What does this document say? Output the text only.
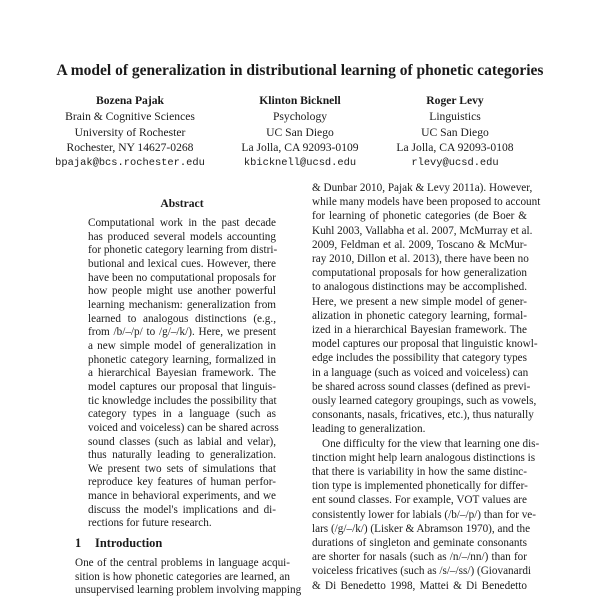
A model of generalization in distributional learning of phonetic categories
Bozena Pajak
Brain & Cognitive Sciences
University of Rochester
Rochester, NY 14627-0268
bpajak@bcs.rochester.edu
Klinton Bicknell
Psychology
UC San Diego
La Jolla, CA 92093-0109
kbicknell@ucsd.edu
Roger Levy
Linguistics
UC San Diego
La Jolla, CA 92093-0108
rlevy@ucsd.edu
Abstract
Computational work in the past decade
has produced several models accounting
for phonetic category learning from distri-
butional and lexical cues. However, there
have been no computational proposals for
how people might use another powerful
learning mechanism: generalization from
learned to analogous distinctions (e.g.,
from /b/–/p/ to /g/–/k/). Here, we present
a new simple model of generalization in
phonetic category learning, formalized in
a hierarchical Bayesian framework. The
model captures our proposal that linguis-
tic knowledge includes the possibility that
category types in a language (such as
voiced and voiceless) can be shared across
sound classes (such as labial and velar),
thus naturally leading to generalization.
We present two sets of simulations that
reproduce key features of human perfor-
mance in behavioral experiments, and we
discuss the model's implications and di-
rections for future research.
1 Introduction
One of the central problems in language acqui-
sition is how phonetic categories are learned, an
unsupervised learning problem involving mapping
& Dunbar 2010, Pajak & Levy 2011a). However,
while many models have been proposed to account
for learning of phonetic categories (de Boer &
Kuhl 2003, Vallabha et al. 2007, McMurray et al.
2009, Feldman et al. 2009, Toscano & McMur-
ray 2010, Dillon et al. 2013), there have been no
computational proposals for how generalization
to analogous distinctions may be accomplished.
Here, we present a new simple model of gener-
alization in phonetic category learning, formal-
ized in a hierarchical Bayesian framework. The
model captures our proposal that linguistic knowl-
edge includes the possibility that category types
in a language (such as voiced and voiceless) can
be shared across sound classes (defined as previ-
ously learned category groupings, such as vowels,
consonants, nasals, fricatives, etc.), thus naturally
leading to generalization.
One difficulty for the view that learning one dis-
tinction might help learn analogous distinctions is
that there is variability in how the same distinc-
tion type is implemented phonetically for differ-
ent sound classes. For example, VOT values are
consistently lower for labials (/b/–/p/) than for ve-
lars (/g/–/k/) (Lisker & Abramson 1970), and the
durations of singleton and geminate consonants
are shorter for nasals (such as /n/–/nn/) than for
voiceless fricatives (such as /s/–/ss/) (Giovanardi
& Di Benedetto 1998, Mattei & Di Benedetto
